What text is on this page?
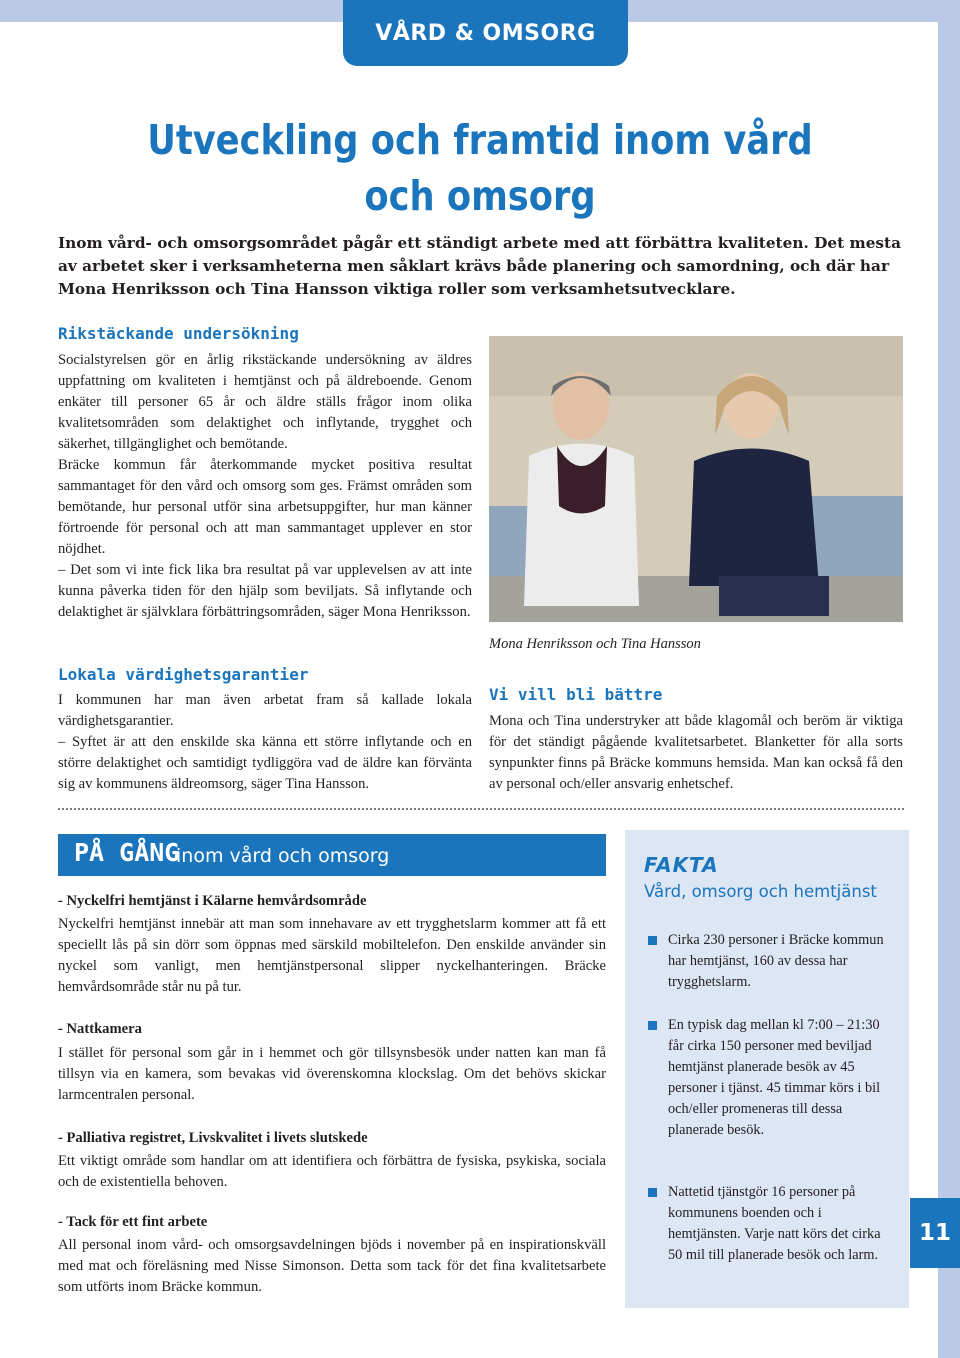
VÅRD & OMSORG
Utveckling och framtid inom vård och omsorg

Inom vård- och omsorgsområdet pågår ett ständigt arbete med att förbättra kvaliteten. Det mesta av arbetet sker i verksamheterna men såklart krävs både planering och samordning, och där har Mona Henriksson och Tina Hansson viktiga roller som verksamhetsutvecklare.

Rikstäckande undersökning

Socialstyrelsen gör en årlig rikstäckande undersökning av äldres uppfattning om kvaliteten i hemtjänst och på äldreboende. Genom enkäter till personer 65 år och äldre ställs frågor inom olika kvalitetsområden som delaktighet och inflytande, trygghet och säkerhet, tillgänglighet och bemötande.

Bräcke kommun får återkommande mycket positiva resultat sammantaget för den vård och omsorg som ges. Främst områden som bemötande, hur personal utför sina arbetsuppgifter, hur man känner förtroende för personal och att man sammantaget upplever en stor nöjdhet.

– Det som vi inte fick lika bra resultat på var upplevelsen av att inte kunna påverka tiden för den hjälp som beviljats. Så inflytande och delaktighet är självklara förbättringsområden, säger Mona Henriksson.

Lokala värdighetsgarantier

I kommunen har man även arbetat fram så kallade lokala värdighetsgarantier.

– Syftet är att den enskilde ska känna ett större inflytande och en större delaktighet och samtidigt tydliggöra vad de äldre kan förvänta sig av kommunens äldreomsorg, säger Tina Hansson.

Mona Henriksson och Tina Hansson
Vi vill bli bättre

Mona och Tina understryker att både klagomål och beröm är viktiga för det ständigt pågående kvalitetsarbetet. Blanketter för alla sorts synpunkter finns på Bräcke kommuns hemsida. Man kan också få den av personal och/eller ansvarig enhetschef.

PÅ GÅNG
inom vård och omsorg

- Nyckelfri hemtjänst i Kälarne hemvårdsområde

Nyckelfri hemtjänst innebär att man som innehavare av ett trygghetslarm kommer att få ett speciellt lås på sin dörr som öppnas med särskild mobiltelefon. Den enskilde använder sin nyckel som vanligt, men hemtjänstpersonal slipper nyckelhanteringen. Bräcke hemvårdsområde står nu på tur.

- Nattkamera

I stället för personal som går in i hemmet och gör tillsynsbesök under natten kan man få tillsyn via en kamera, som bevakas vid överenskomna klockslag. Om det behövs skickar larmcentralen personal.

- Palliativa registret, Livskvalitet i livets slutskede

Ett viktigt område som handlar om att identifiera och förbättra de fysiska, psykiska, sociala och de existentiella behoven.

- Tack för ett fint arbete

All personal inom vård- och omsorgsavdelningen bjöds i november på en inspirationskväll med mat och föreläsning med Nisse Simonson. Detta som tack för det fina kvalitetsarbete som utförts inom Bräcke kommun.

FAKTA
Vård, omsorg och hemtjänst
Cirka 230 personer i Bräcke kommun har hemtjänst, 160 av dessa har trygghetslarm.
En typisk dag mellan kl 7:00 – 21:30 får cirka 150 personer med beviljad hemtjänst planerade besök av 45 personer i tjänst. 45 timmar körs i bil och/eller promeneras till dessa planerade besök.
Nattetid tjänstgör 16 personer på kommunens boenden och i hemtjänsten. Varje natt körs det cirka 50 mil till planerade besök och larm.
11
